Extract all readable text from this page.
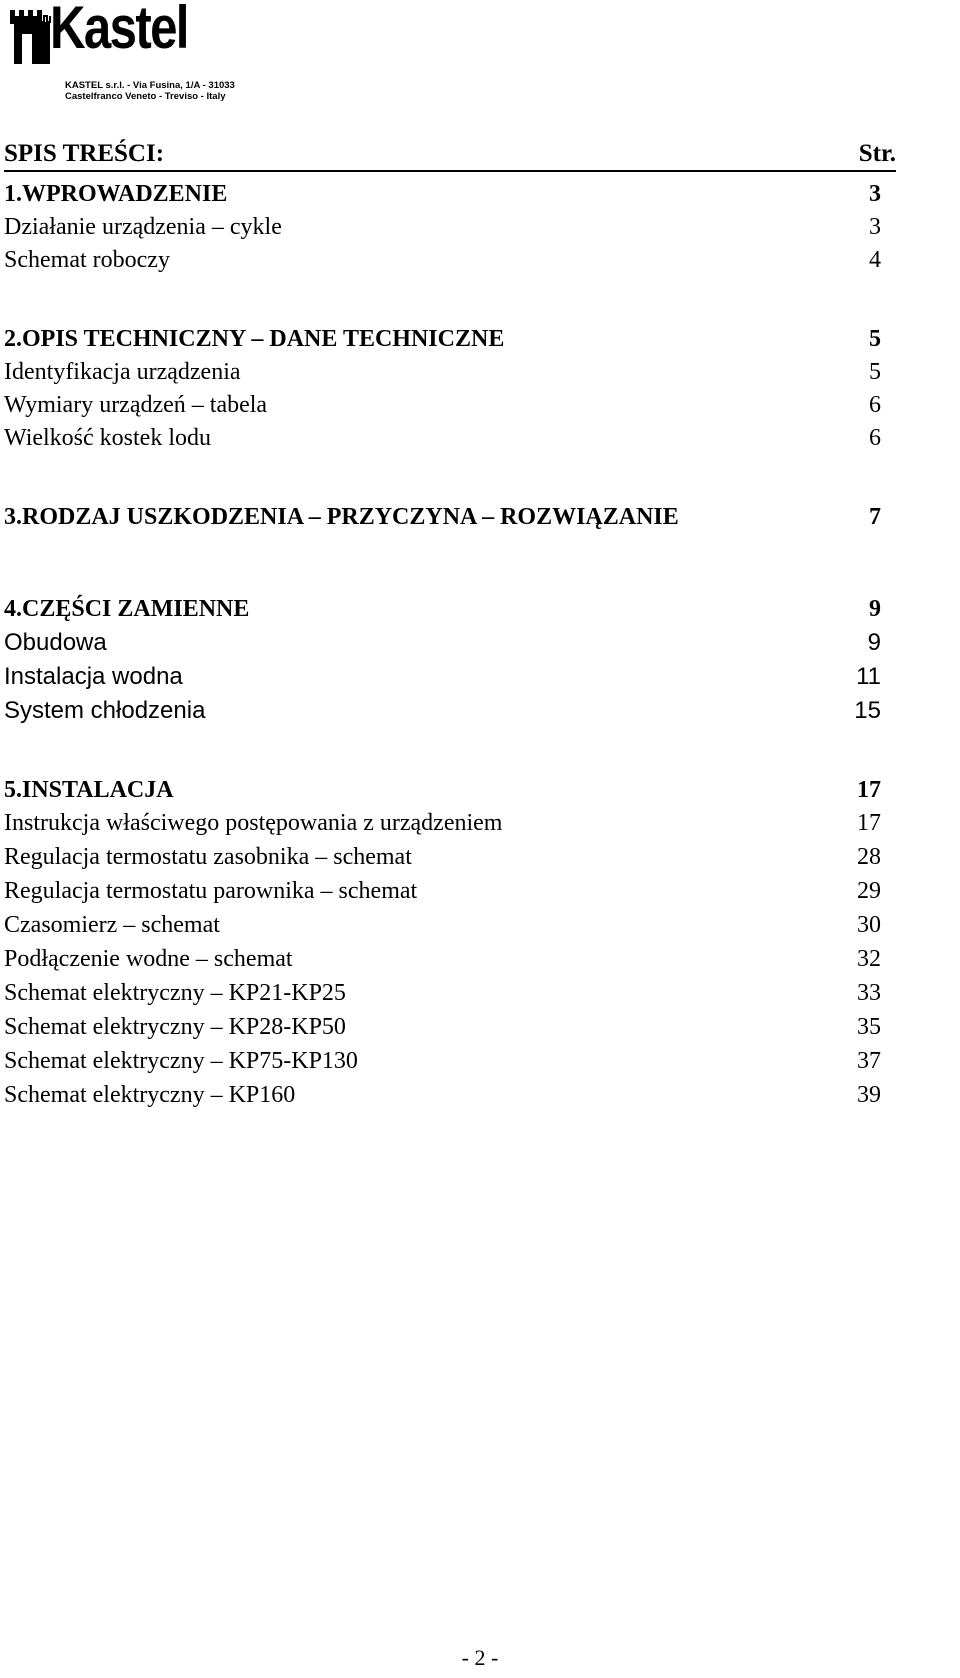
Kastel
KASTEL s.r.l. - Via Fusina, 1/A - 31033
Castelfranco Veneto - Treviso - Italy
SPIS TREŚCI:	Str.
1.WPROWADZENIE	3
Działanie urządzenia – cykle	3
Schemat roboczy	4
2.OPIS TECHNICZNY – DANE TECHNICZNE	5
Identyfikacja urządzenia	5
Wymiary urządzeń – tabela	6
Wielkość kostek lodu	6
3.RODZAJ USZKODZENIA – PRZYCZYNA – ROZWIĄZANIE	7
4.CZĘŚCI ZAMIENNE	9
Obudowa	9
Instalacja wodna	11
System chłodzenia	15
5.INSTALACJA	17
Instrukcja właściwego postępowania z urządzeniem	17
Regulacja termostatu zasobnika – schemat	28
Regulacja termostatu parownika – schemat	29
Czasomierz – schemat	30
Podłączenie wodne – schemat	32
Schemat elektryczny – KP21-KP25	33
Schemat elektryczny – KP28-KP50	35
Schemat elektryczny – KP75-KP130	37
Schemat elektryczny – KP160	39
- 2 -
